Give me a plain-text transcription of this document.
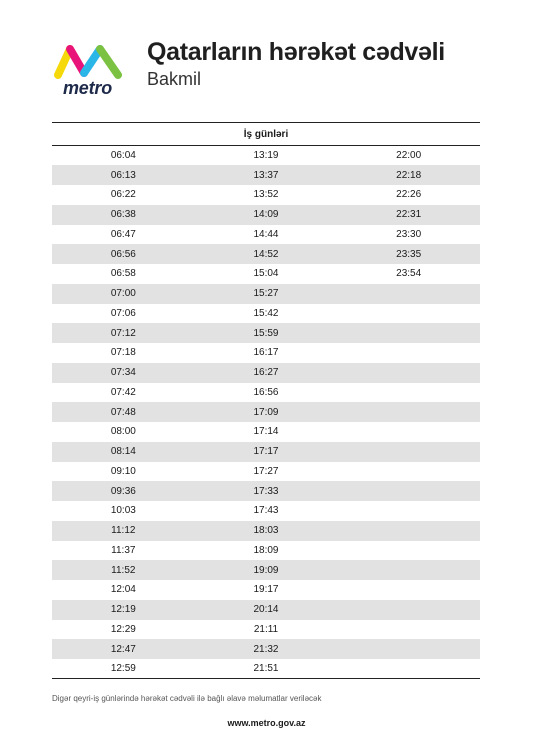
metro
Qatarların hərəkət cədvəli
Bakmil
İş günləri		
06:04	13:19	22:00
06:13	13:37	22:18
06:22	13:52	22:26
06:38	14:09	22:31
06:47	14:44	23:30
06:56	14:52	23:35
06:58	15:04	23:54
07:00	15:27	
07:06	15:42	
07:12	15:59	
07:18	16:17	
07:34	16:27	
07:42	16:56	
07:48	17:09	
08:00	17:14	
08:14	17:17	
09:10	17:27	
09:36	17:33	
10:03	17:43	
11:12	18:03	
11:37	18:09	
11:52	19:09	
12:04	19:17	
12:19	20:14	
12:29	21:11	
12:47	21:32	
12:59	21:51	
Digər qeyri-iş günlərində hərəkət cədvəli ilə bağlı əlavə məlumatlar veriləcək
www.metro.gov.az
